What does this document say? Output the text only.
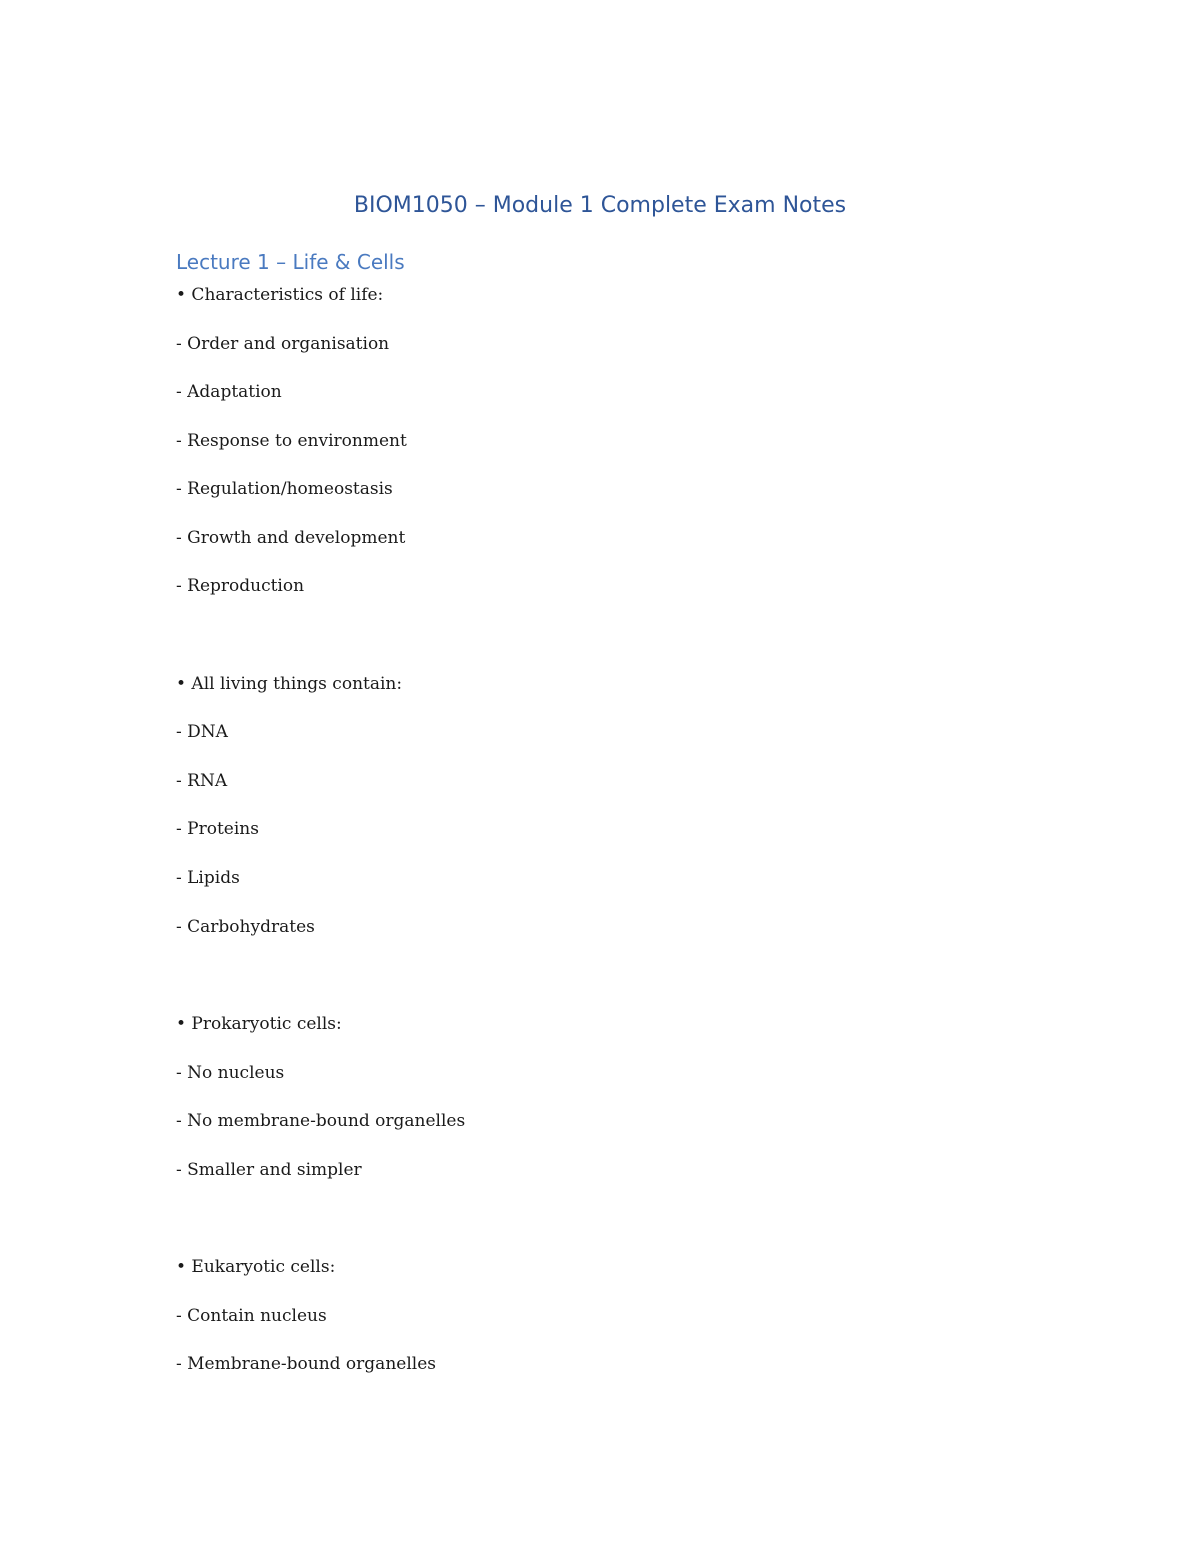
BIOM1050 – Module 1 Complete Exam Notes
Lecture 1 – Life & Cells
• Characteristics of life:
- Order and organisation
- Adaptation
- Response to environment
- Regulation/homeostasis
- Growth and development
- Reproduction
• All living things contain:
- DNA
- RNA
- Proteins
- Lipids
- Carbohydrates
• Prokaryotic cells:
- No nucleus
- No membrane-bound organelles
- Smaller and simpler
• Eukaryotic cells:
- Contain nucleus
- Membrane-bound organelles
